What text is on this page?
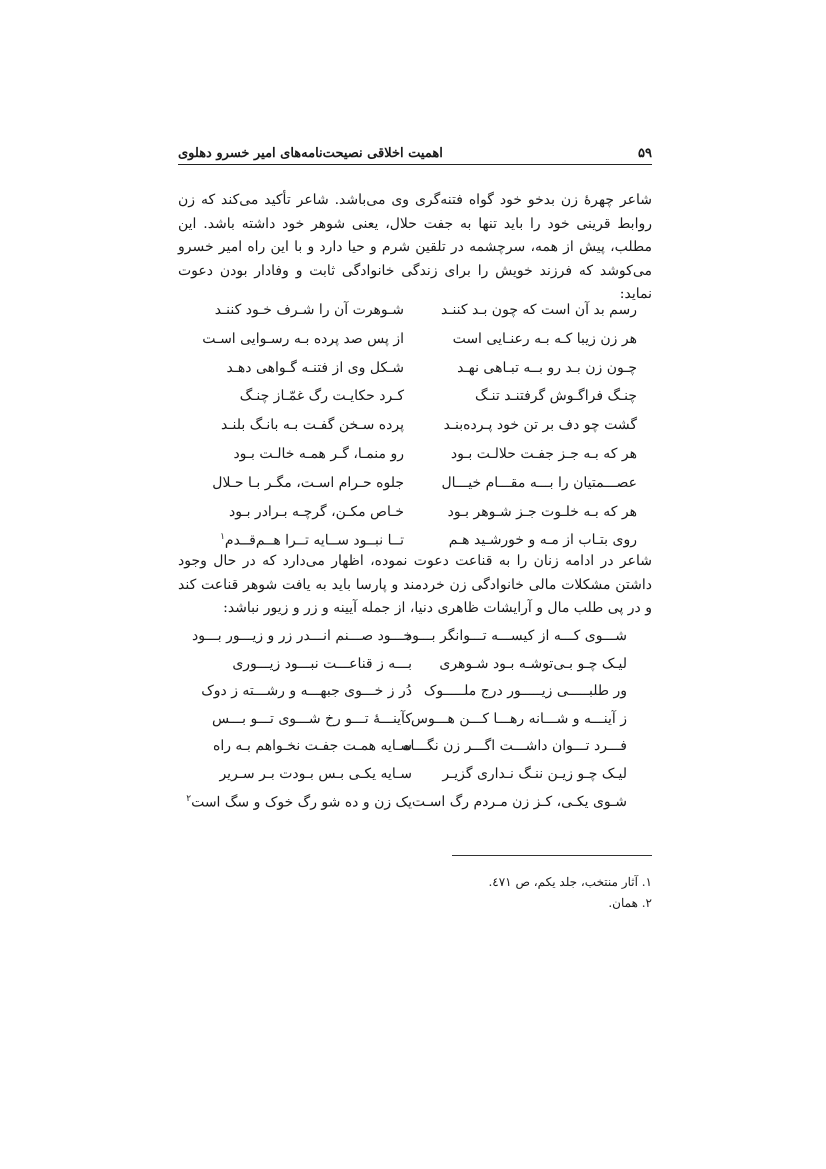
۵۹
اهمیت اخلاقی نصیحت‌نامه‌های امیر خسرو دهلوی

شاعر چهرهٔ زن بدخو خود گواه فتنه‌گری وی می‌باشد. شاعر تأکید می‌کند که زن روابط قرینی خود را باید تنها به جفت حلال، یعنی شوهر خود داشته باشد. این مطلب، پیش از همه، سرچشمه در تلقین شرم و حیا دارد و با این راه امیر خسرو می‌کوشد که فرزند خویش را برای زندگی خانوادگی ثابت و وفادار بودن دعوت نماید:

رسم بد آن است که چون بـد کننـد
شـوهرت آن را شـرف خـود کننـد
هر زن زیبا کـه بـه رعنـایی است
از پس صد پرده بـه رسـوایی اسـت
چـون زن بـد رو بــه تبـاهی نهـد
شـکل وی از فتنـه گـواهی دهـد
چنـگ فراگـوش گرفتنـد تنـگ
کـرد حکایـت رگ غمّـاز چنـگ
گشت چو دف بر تن خود پـرده‌بنـد
پرده سـخن گفـت بـه بانـگ بلنـد
هر که بـه جـز جفـت حلالـت بـود
رو منمـا، گـر همـه خالـت بـود
عصـــمتیان را بـــه مقـــام خیـــال
جلوه حـرام اسـت، مگـر بـا حـلال
هر که بـه خلـوت جـز شـوهر بـود
خـاص مکـن، گرچـه بـرادر بـود
روی بتـاب از مـه و خورشـید هـم
تــا نبــود ســایه تــرا هــم‌قــدم$^١$

شاعر در ادامه زنان را به قناعت دعوت نموده، اظهار می‌دارد که در حال وجود داشتن مشکلات مالی خانوادگی زن خردمند و پارسا باید به یافت شوهر قناعت کند و در پی طلب مال و آرایشات ظاهری دنیا، از جمله آیینه و زر و زیور نباشد:

شـــوی کـــه از کیســـه تـــوانگر بـــود
خـــود صـــنم انـــدر زر و زیـــور بـــود
لیـک چـو بـی‌توشـه بـود شـوهری
بـــه ز قناعـــت نبـــود زیـــوری
ور طلبـــــی زیـــــور درج ملـــــوک
دُر ز خـــوی جبهـــه و رشـــته ز دوک
ز آینـــه و شـــانه رهـــا کـــن هـــوس
کآینـــهٔ تـــو رخ شـــوی تـــو بـــس
فـــرد تـــوان داشـــت اگـــر زن نگـــاه
سـایه همـت جفـت نخـواهم بـه راه
لیـک چـو زیـن ننـگ نـداری گزیـر
سـایه یکـی بـس بـودت بـر سـریر
شـوی یکـی، کـز زن مـردم رگ اسـت
یک زن و ده شو رگ خوک و سگ است$^٢$

١. آثار منتخب، جلد یکم، ص ٤٧١.

٢. همان.
